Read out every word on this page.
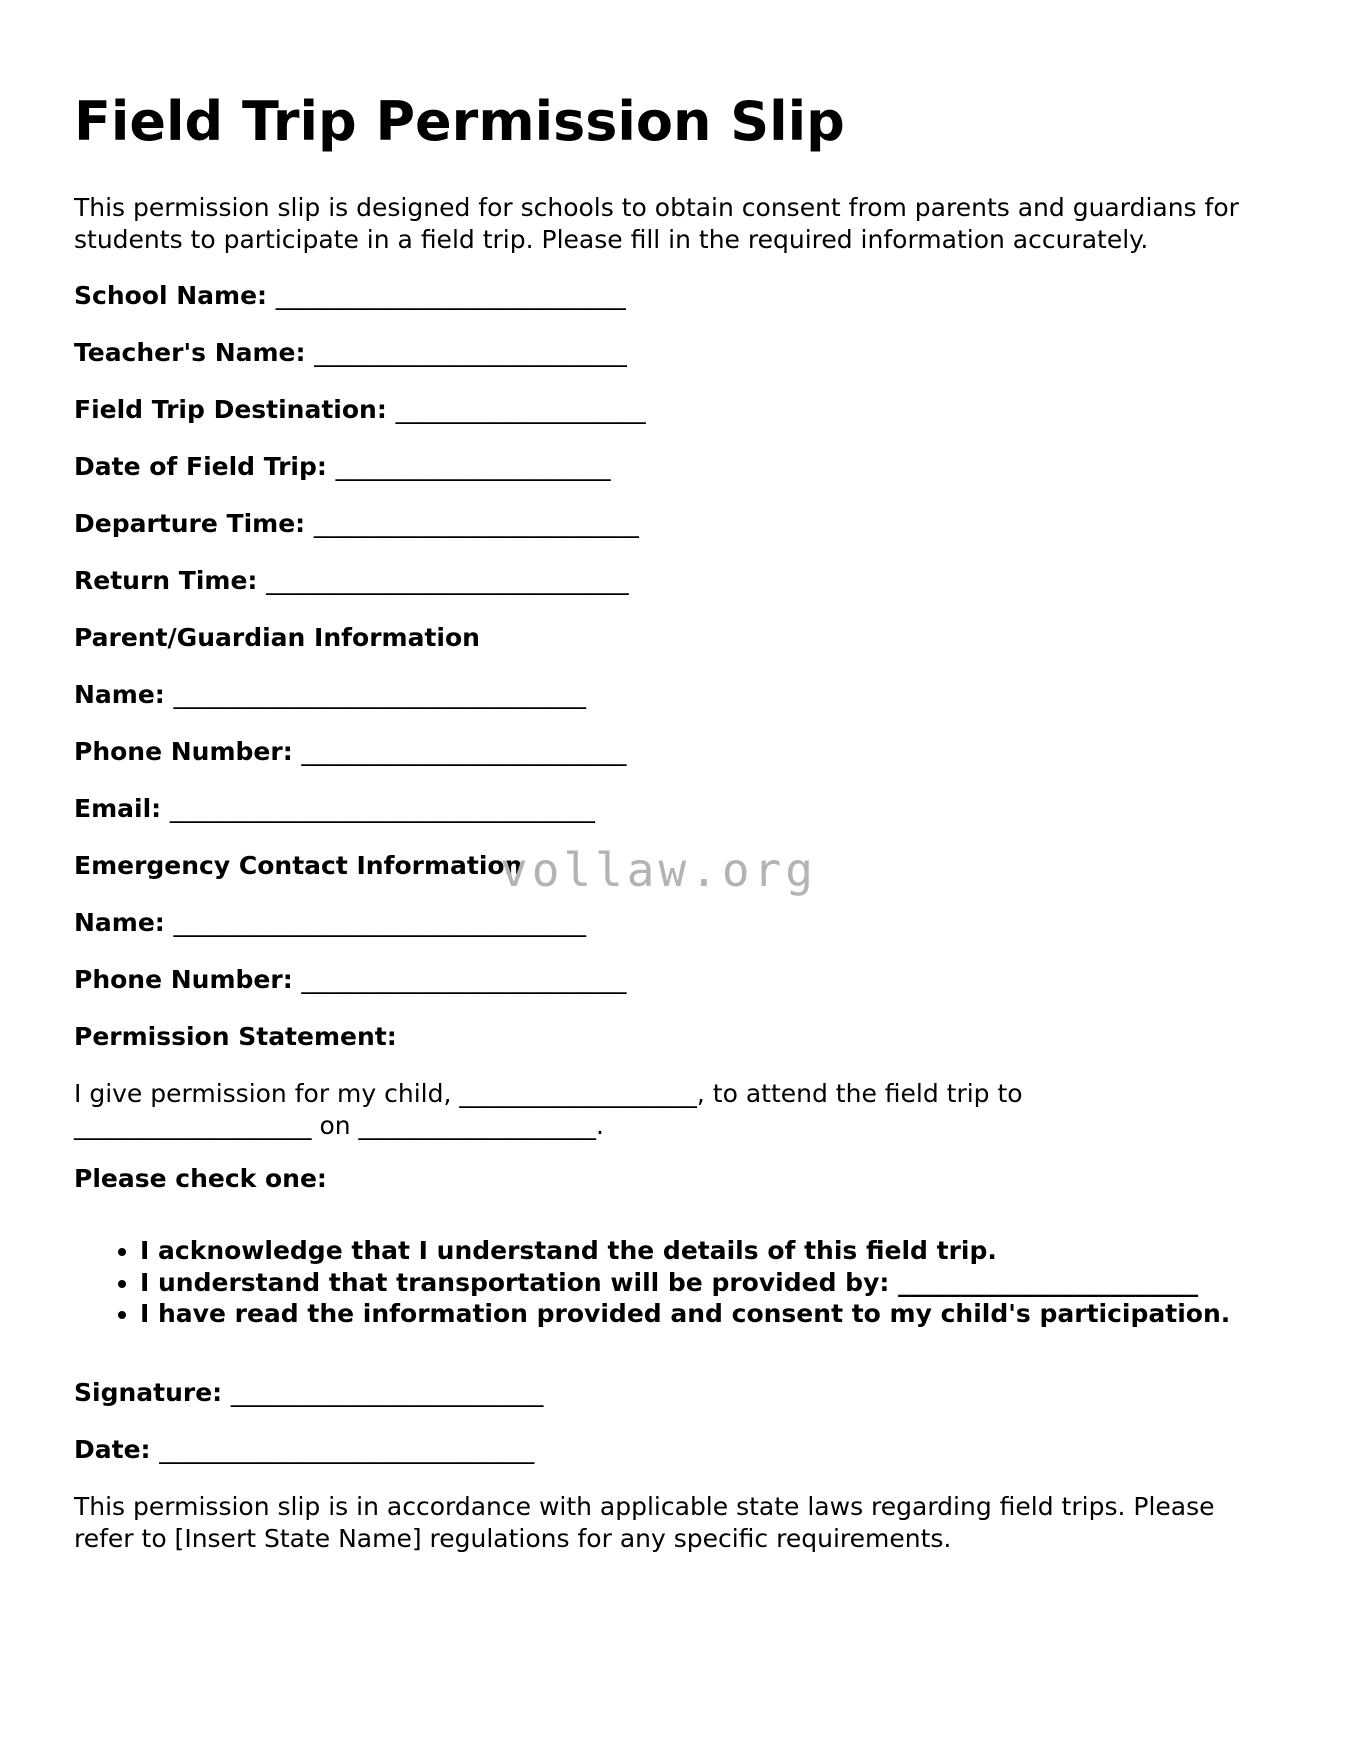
Field Trip Permission Slip

This permission slip is designed for schools to obtain consent from parents and guardians for students to participate in a field trip. Please fill in the required information accurately.

School Name: ____________________________

Teacher's Name: _________________________

Field Trip Destination: ____________________

Date of Field Trip: ______________________

Departure Time: __________________________

Return Time: _____________________________

Parent/Guardian Information

Name: _________________________________

Phone Number: __________________________

Email: __________________________________

Emergency Contact Information

Name: _________________________________

Phone Number: __________________________

Permission Statement:

I give permission for my child, ___________________, to attend the field trip to ___________________ on ___________________.

Please check one:

• I acknowledge that I understand the details of this field trip.
• I understand that transportation will be provided by: ________________________
• I have read the information provided and consent to my child's participation.

Signature: _________________________

Date: ______________________________

This permission slip is in accordance with applicable state laws regarding field trips. Please refer to [Insert State Name] regulations for any specific requirements.

vollaw.org
